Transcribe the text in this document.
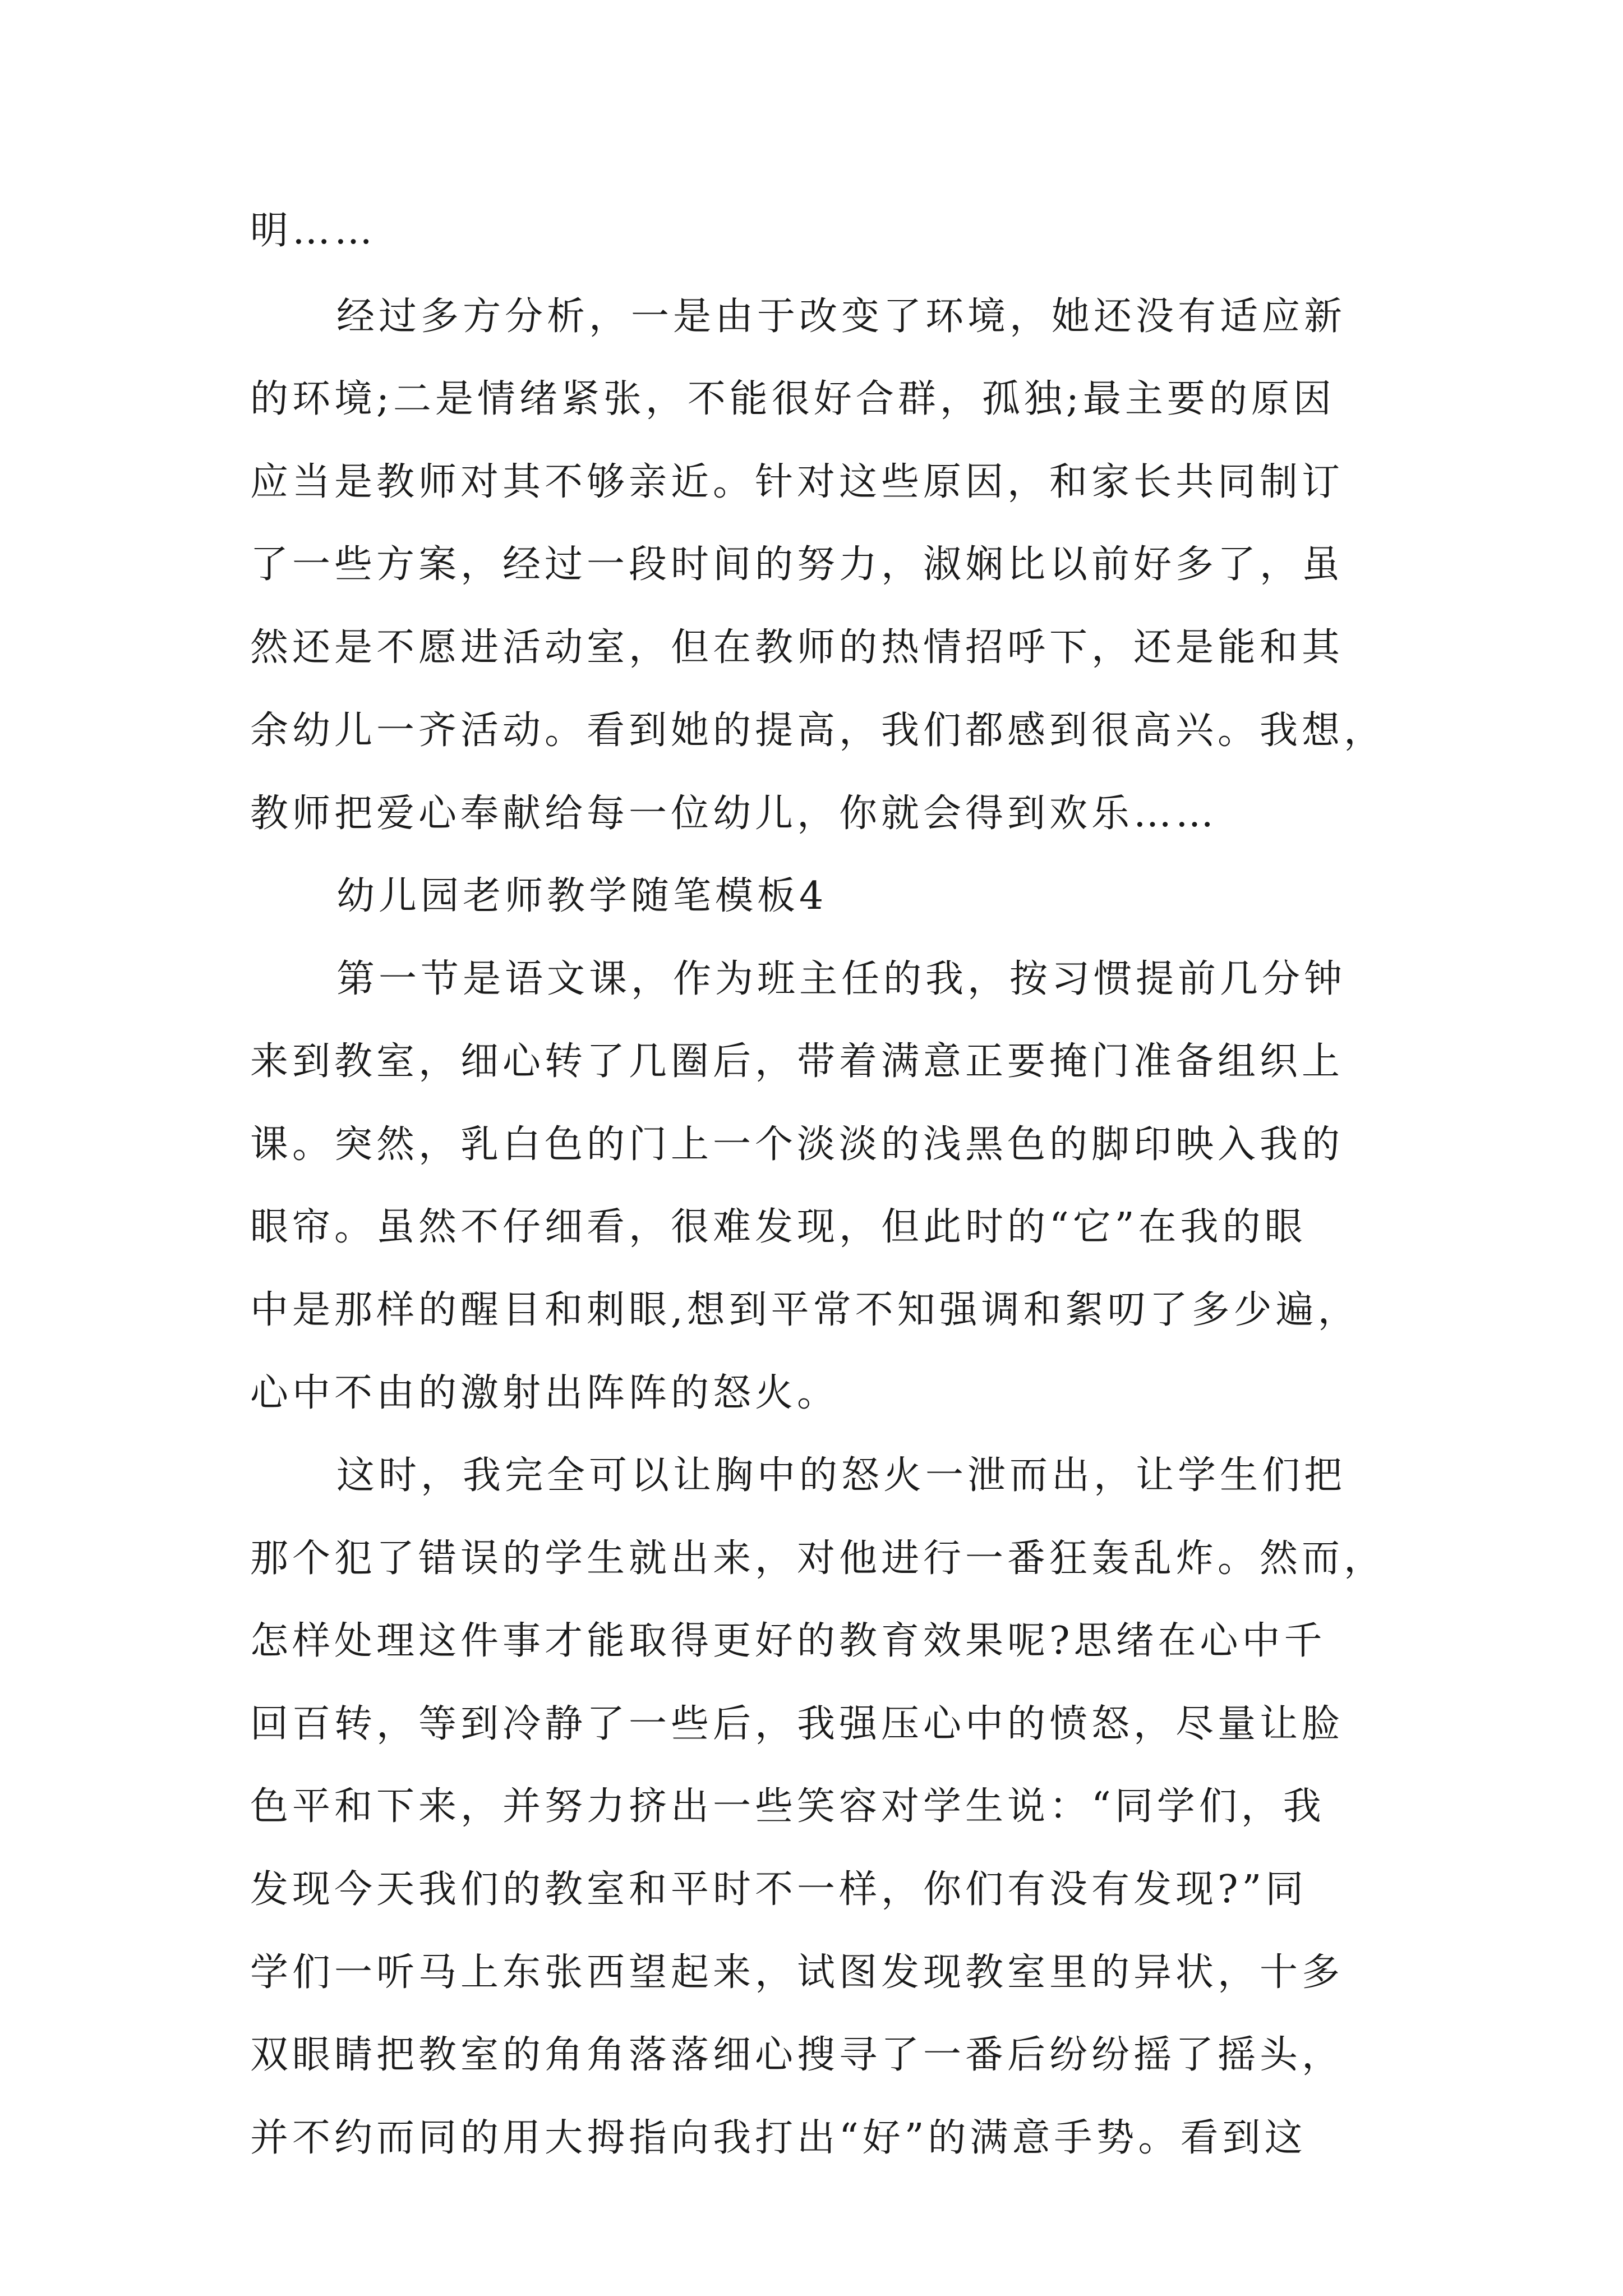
明……
经过多方分析，一是由于改变了环境，她还没有适应新
的环境;二是情绪紧张，不能很好合群，孤独;最主要的原因
应当是教师对其不够亲近。针对这些原因，和家长共同制订
了一些方案，经过一段时间的努力，淑娴比以前好多了，虽
然还是不愿进活动室，但在教师的热情招呼下，还是能和其
余幼儿一齐活动。看到她的提高，我们都感到很高兴。我想，
教师把爱心奉献给每一位幼儿，你就会得到欢乐……
幼儿园老师教学随笔模板4
第一节是语文课，作为班主任的我，按习惯提前几分钟
来到教室，细心转了几圈后，带着满意正要掩门准备组织上
课。突然，乳白色的门上一个淡淡的浅黑色的脚印映入我的
眼帘。虽然不仔细看，很难发现，但此时的“它”在我的眼
中是那样的醒目和刺眼,想到平常不知强调和絮叨了多少遍，
心中不由的激射出阵阵的怒火。
这时，我完全可以让胸中的怒火一泄而出，让学生们把
那个犯了错误的学生就出来，对他进行一番狂轰乱炸。然而，
怎样处理这件事才能取得更好的教育效果呢?思绪在心中千
回百转，等到冷静了一些后，我强压心中的愤怒，尽量让脸
色平和下来，并努力挤出一些笑容对学生说：“同学们，我
发现今天我们的教室和平时不一样，你们有没有发现?”同
学们一听马上东张西望起来，试图发现教室里的异状，十多
双眼睛把教室的角角落落细心搜寻了一番后纷纷摇了摇头，
并不约而同的用大拇指向我打出“好”的满意手势。看到这
